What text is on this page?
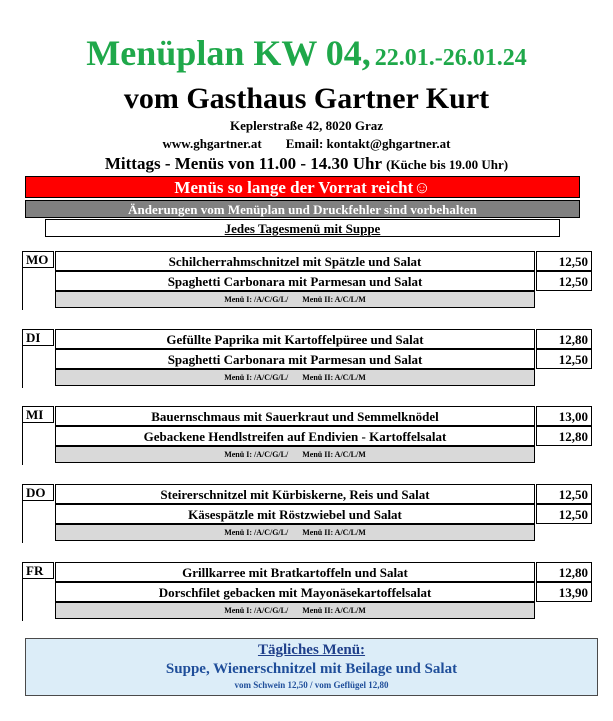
Menüplan KW 04, 22.01.-26.01.24
vom Gasthaus Gartner Kurt
Keplerstraße 42, 8020 Graz
www.ghgartner.at Email: kontakt@ghgartner.at
Mittags - Menüs von 11.00 - 14.30 Uhr (Küche bis 19.00 Uhr)
Menüs so lange der Vorrat reicht☺
Änderungen vom Menüplan und Druckfehler sind vorbehalten
Jedes Tagesmenü mit Suppe
MO	Schilcherrahmschnitzel mit Spätzle und Salat	12,50
Spaghetti Carbonara mit Parmesan und Salat	12,50
Menü I: /A/C/G/L/ Menü II: A/C/L/M
DI	Gefüllte Paprika mit Kartoffelpüree und Salat	12,80
Spaghetti Carbonara mit Parmesan und Salat	12,50
Menü I: /A/C/G/L/ Menü II: A/C/L/M
MI	Bauernschmaus mit Sauerkraut und Semmelknödel	13,00
Gebackene Hendlstreifen auf Endivien - Kartoffelsalat	12,80
Menü I: /A/C/G/L/ Menü II: A/C/L/M
DO	Steirerschnitzel mit Kürbiskerne, Reis und Salat	12,50
Käsespätzle mit Röstzwiebel und Salat	12,50
Menü I: /A/C/G/L/ Menü II: A/C/L/M
FR	Grillkarree mit Bratkartoffeln und Salat	12,80
Dorschfilet gebacken mit Mayonäsekartoffelsalat	13,90
Menü I: /A/C/G/L/ Menü II: A/C/L/M
Tägliches Menü:
Suppe, Wienerschnitzel mit Beilage und Salat
vom Schwein 12,50 / vom Geflügel 12,80
